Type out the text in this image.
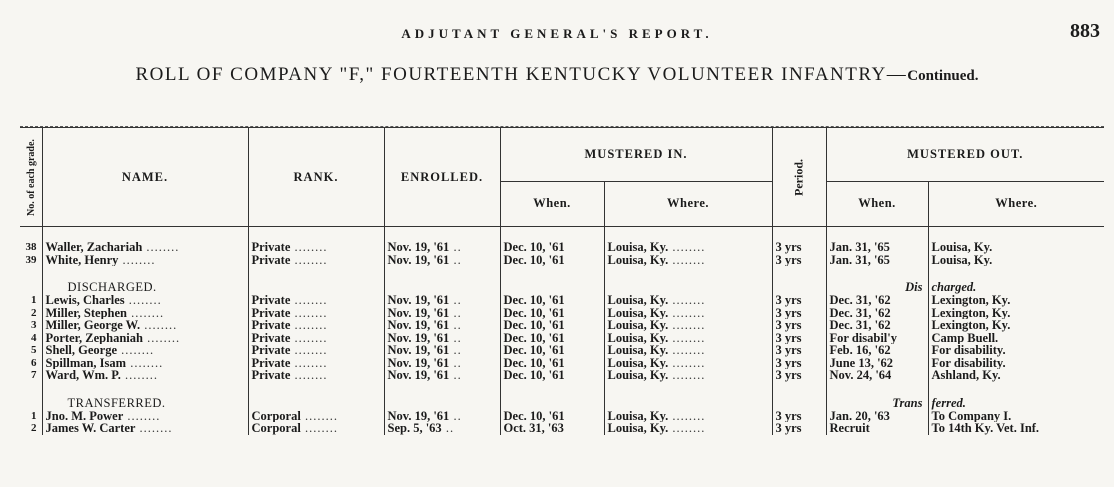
ADJUTANT GENERAL'S REPORT.	883
ROLL OF COMPANY "F," FOURTEENTH KENTUCKY VOLUNTEER INFANTRY—Continued.
No. of each grade.	NAME.	RANK.	ENROLLED.	MUSTERED IN.		Period.	MUSTERED OUT.	
				When.	Where.		When.	Where.

38	Waller, Zachariah ........	Private ........	Nov. 19, '61 ..	Dec. 10, '61	Louisa, Ky. ........	3 yrs	Jan. 31, '65	Louisa, Ky.
39	White, Henry ........	Private ........	Nov. 19, '61 ..	Dec. 10, '61	Louisa, Ky. ........	3 yrs	Jan. 31, '65	Louisa, Ky.

	DISCHARGED.						Dis	charged.

1	Lewis, Charles ........	Private ........	Nov. 19, '61 ..	Dec. 10, '61	Louisa, Ky. ........	3 yrs	Dec. 31, '62	Lexington, Ky.
2	Miller, Stephen ........	Private ........	Nov. 19, '61 ..	Dec. 10, '61	Louisa, Ky. ........	3 yrs	Dec. 31, '62	Lexington, Ky.
3	Miller, George W. ........	Private ........	Nov. 19, '61 ..	Dec. 10, '61	Louisa, Ky. ........	3 yrs	Dec. 31, '62	Lexington, Ky.
4	Porter, Zephaniah ........	Private ........	Nov. 19, '61 ..	Dec. 10, '61	Louisa, Ky. ........	3 yrs	For disabil'y	Camp Buell.
5	Shell, George ........	Private ........	Nov. 19, '61 ..	Dec. 10, '61	Louisa, Ky. ........	3 yrs	Feb. 16, '62	For disability.
6	Spillman, Isam ........	Private ........	Nov. 19, '61 ..	Dec. 10, '61	Louisa, Ky. ........	3 yrs	June 13, '62	For disability.
7	Ward, Wm. P. ........	Private ........	Nov. 19, '61 ..	Dec. 10, '61	Louisa, Ky. ........	3 yrs	Nov. 24, '64	Ashland, Ky.

	TRANSFERRED.						Trans	ferred.

1	Jno. M. Power ........	Corporal ........	Nov. 19, '61 ..	Dec. 10, '61	Louisa, Ky. ........	3 yrs	Jan. 20, '63	To Company I.
2	James W. Carter ........	Corporal ........	Sep. 5, '63 ..	Oct. 31, '63	Louisa, Ky. ........	3 yrs	Recruit	To 14th Ky. Vet. Inf.
